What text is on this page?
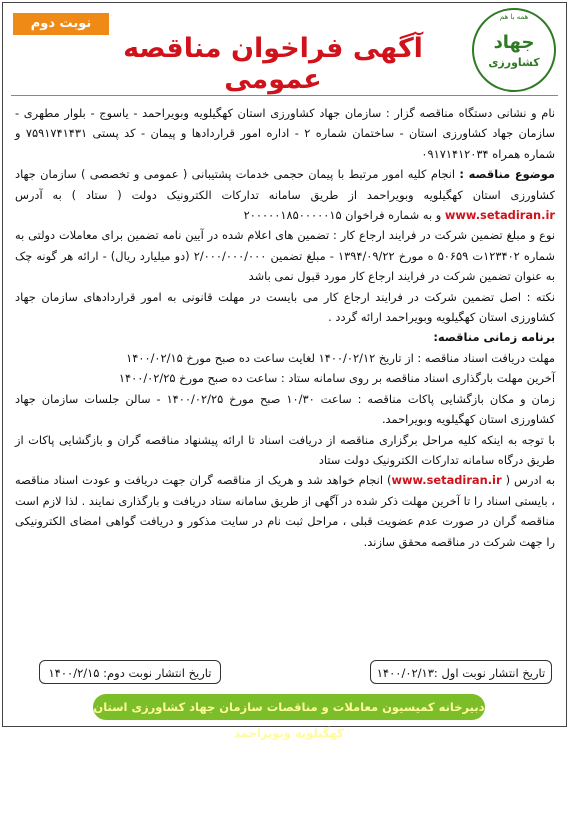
نوبت دوم
آگهی فراخوان مناقصه عمومی
همه با هم
جهاد
کشاورزی

نام و نشانی دستگاه مناقصه گزار : سازمان جهاد کشاورزی استان کهگیلویه وبویراحمد - یاسوج - بلوار مطهری - سازمان جهاد کشاورزی استان - ساختمان شماره ۲ - اداره امور قراردادها و پیمان - کد پستی ۷۵۹۱۷۴۱۴۳۱ و شماره همراه ۰۹۱۷۱۴۱۲۰۳۴

موضوع مناقصه : انجام کلیه امور مرتبط با پیمان حجمی خدمات پشتیبانی ( عمومی و تخصصی ) سازمان جهاد کشاورزی استان کهگیلویه وبویراحمد از طریق سامانه تدارکات الکترونیک دولت ( ستاد ) به آدرس www.setadiran.ir و به شماره فراخوان ۲۰۰۰۰۰۱۸۵۰۰۰۰۰۱۵

نوع و مبلغ تضمین شرکت در فرایند ارجاع کار : تضمین های اعلام شده در آیین نامه تضمین برای معاملات دولتی به شماره ۱۲۳۴۰۲ت ۵۰۶۵۹ ه مورخ ۱۳۹۴/۰۹/۲۲ - مبلغ تضمین ۲/۰۰۰/۰۰۰/۰۰۰ (دو میلیارد ریال) - ارائه هر گونه چک به عنوان تضمین شرکت در فرایند ارجاع کار مورد قبول نمی باشد

نکته : اصل تضمین شرکت در فرایند ارجاع کار می بایست در مهلت قانونی به امور قراردادهای سازمان جهاد کشاورزی استان کهگیلویه وبویراحمد ارائه گردد .

برنامه زمانی مناقصه:

مهلت دریافت اسناد مناقصه : از تاریخ ۱۴۰۰/۰۲/۱۲ لغایت ساعت ده صبح مورخ ۱۴۰۰/۰۲/۱۵

آخرین مهلت بارگذاری اسناد مناقصه بر روی سامانه ستاد : ساعت ده صبح مورخ ۱۴۰۰/۰۲/۲۵

زمان و مکان بازگشایی پاکات مناقصه : ساعت ۱۰/۳۰ صبح مورخ ۱۴۰۰/۰۲/۲۵ - سالن جلسات سازمان جهاد کشاورزی استان کهگیلویه وبویراحمد.

با توجه به اینکه کلیه مراحل برگزاری مناقصه از دریافت اسناد تا ارائه پیشنهاد مناقصه گران و بازگشایی پاکات از طریق درگاه سامانه تدارکات الکترونیک دولت ستاد

به ادرس ( www.setadiran.ir) انجام خواهد شد و هریک از مناقصه گران جهت دریافت و عودت اسناد مناقصه ، بایستی اسناد را تا آخرین مهلت ذکر شده در آگهی از طریق سامانه ستاد دریافت و بارگذاری نمایند . لذا لازم است مناقصه گران در صورت عدم عضویت قبلی ، مراحل ثبت نام در سایت مذکور و دریافت گواهی امضای الکترونیکی را جهت شرکت در مناقصه محقق سازند.

تاریخ انتشار نوبت اول :۱۴۰۰/۰۲/۱۳
تاریخ انتشار نوبت دوم: ۱۴۰۰/۲/۱۵
دبیرخانه کمیسیون معاملات و مناقصات سازمان جهاد کشاورزی استان کهگیلویه وبویراحمد
